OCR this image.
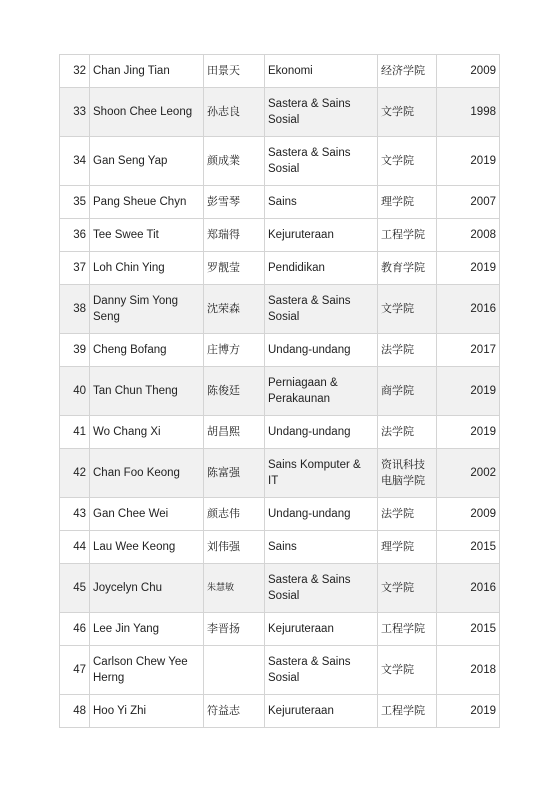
32	Chan Jing Tian	田景天	Ekonomi	经济学院	2009
33	Shoon Chee Leong	孙志良	Sastera & Sains Sosial	文学院	1998
34	Gan Seng Yap	颜成業	Sastera & Sains Sosial	文学院	2019
35	Pang Sheue Chyn	彭雪琴	Sains	理学院	2007
36	Tee Swee Tit	郑瑞得	Kejuruteraan	工程学院	2008
37	Loh Chin Ying	罗靓莹	Pendidikan	教育学院	2019
38	Danny Sim Yong Seng	沈荣森	Sastera & Sains Sosial	文学院	2016
39	Cheng Bofang	庄博方	Undang-undang	法学院	2017
40	Tan Chun Theng	陈俊廷	Perniagaan & Perakaunan	商学院	2019
41	Wo Chang Xi	胡昌熙	Undang-undang	法学院	2019
42	Chan Foo Keong	陈富强	Sains Komputer & IT	资讯科技电脑学院	2002
43	Gan Chee Wei	颜志伟	Undang-undang	法学院	2009
44	Lau Wee Keong	刘伟强	Sains	理学院	2015
45	Joycelyn Chu	朱慧敏	Sastera & Sains Sosial	文学院	2016
46	Lee Jin Yang	李晋扬	Kejuruteraan	工程学院	2015
47	Carlson Chew Yee Herng		Sastera & Sains Sosial	文学院	2018
48	Hoo Yi Zhi	符益志	Kejuruteraan	工程学院	2019
